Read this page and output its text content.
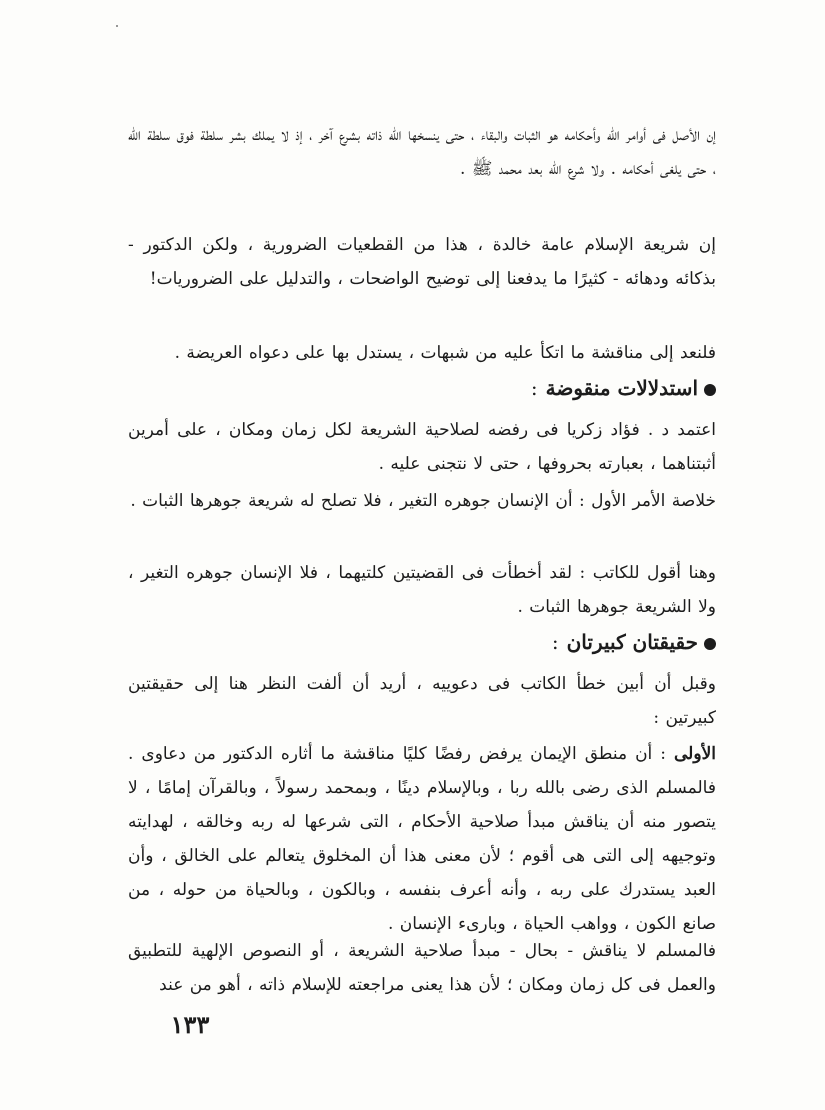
إن الأصل فى أوامر الله وأحكامه هو الثبات والبقاء ، حتى ينسخها الله ذاته بشرع آخر ، إذ لا يملك بشر سلطة فوق سلطة الله ، حتى يلغى أحكامه . ولا شرع الله بعد محمد ﷺ .
إن شريعة الإسلام عامة خالدة ، هذا من القطعيات الضرورية ، ولكن الدكتور - بذكائه ودهائه - كثيرًا ما يدفعنا إلى توضيح الواضحات ، والتدليل على الضروريات!
فلنعد إلى مناقشة ما اتكأ عليه من شبهات ، يستدل بها على دعواه العريضة .
استدلالات منقوضة:
اعتمد د . فؤاد زكريا فى رفضه لصلاحية الشريعة لكل زمان ومكان ، على أمرين أثبتناهما ، بعبارته بحروفها ، حتى لا نتجنى عليه .
خلاصة الأمر الأول : أن الإنسان جوهره التغير ، فلا تصلح له شريعة جوهرها الثبات .
وهنا أقول للكاتب : لقد أخطأت فى القضيتين كلتيهما ، فلا الإنسان جوهره التغير ، ولا الشريعة جوهرها الثبات .
حقيقتان كبيرتان:
وقبل أن أبين خطأ الكاتب فى دعوييه ، أريد أن ألفت النظر هنا إلى حقيقتين كبيرتين :
الأولى : أن منطق الإيمان يرفض رفضًا كليًا مناقشة ما أثاره الدكتور من دعاوى . فالمسلم الذى رضى بالله ربا ، وبالإسلام دينًا ، وبمحمد رسولاً ، وبالقرآن إمامًا ، لا يتصور منه أن يناقش مبدأ صلاحية الأحكام ، التى شرعها له ربه وخالقه ، لهدايته وتوجيهه إلى التى هى أقوم ؛ لأن معنى هذا أن المخلوق يتعالم على الخالق ، وأن العبد يستدرك على ربه ، وأنه أعرف بنفسه ، وبالكون ، وبالحياة من حوله ، من صانع الكون ، وواهب الحياة ، وبارىء الإنسان .
فالمسلم لا يناقش - بحال - مبدأ صلاحية الشريعة ، أو النصوص الإلهية للتطبيق والعمل فى كل زمان ومكان ؛ لأن هذا يعنى مراجعته للإسلام ذاته ، أهو من عند
١٣٣
